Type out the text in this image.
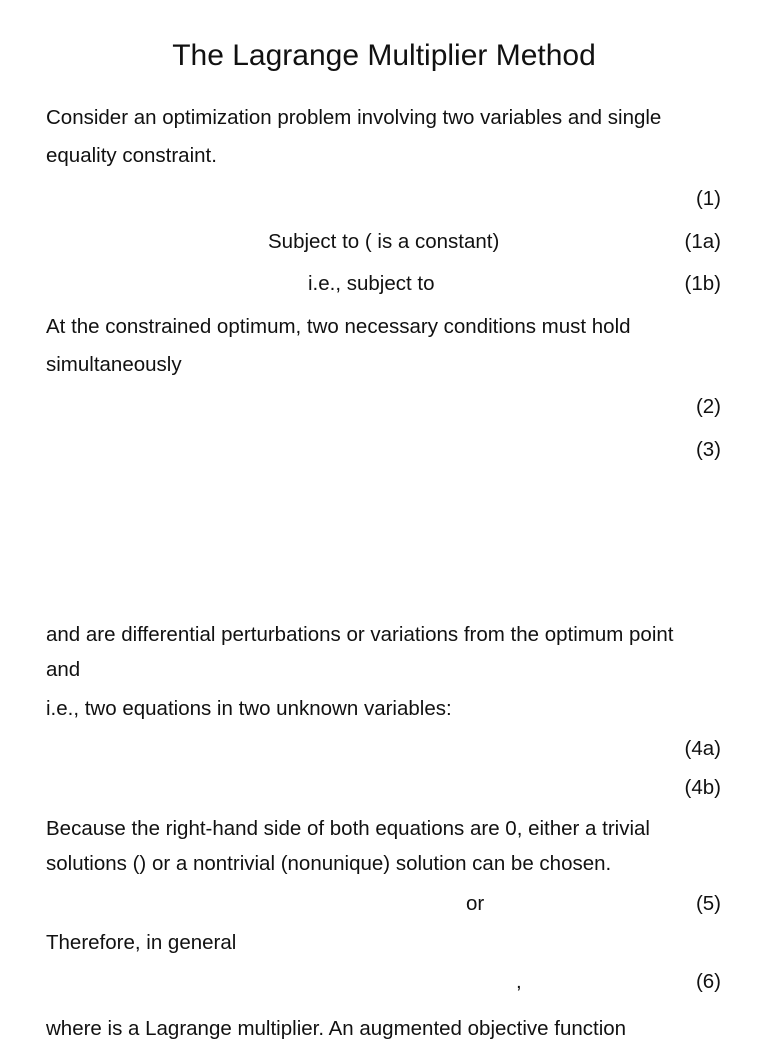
The Lagrange Multiplier Method
Consider an optimization problem involving two variables and single equality constraint.
(1)
Subject to ( is a constant)	(1a)
i.e., subject to	(1b)
At the constrained optimum, two necessary conditions must hold simultaneously
(2)
(3)
and are differential perturbations or variations from the optimum point and
i.e., two equations in two unknown variables:
(4a)
(4b)
Because the right-hand side of both equations are 0, either a trivial solutions () or a nontrivial (nonunique) solution can be chosen.
or	(5)
Therefore, in general
,	(6)
where is a Lagrange multiplier. An augmented objective function
